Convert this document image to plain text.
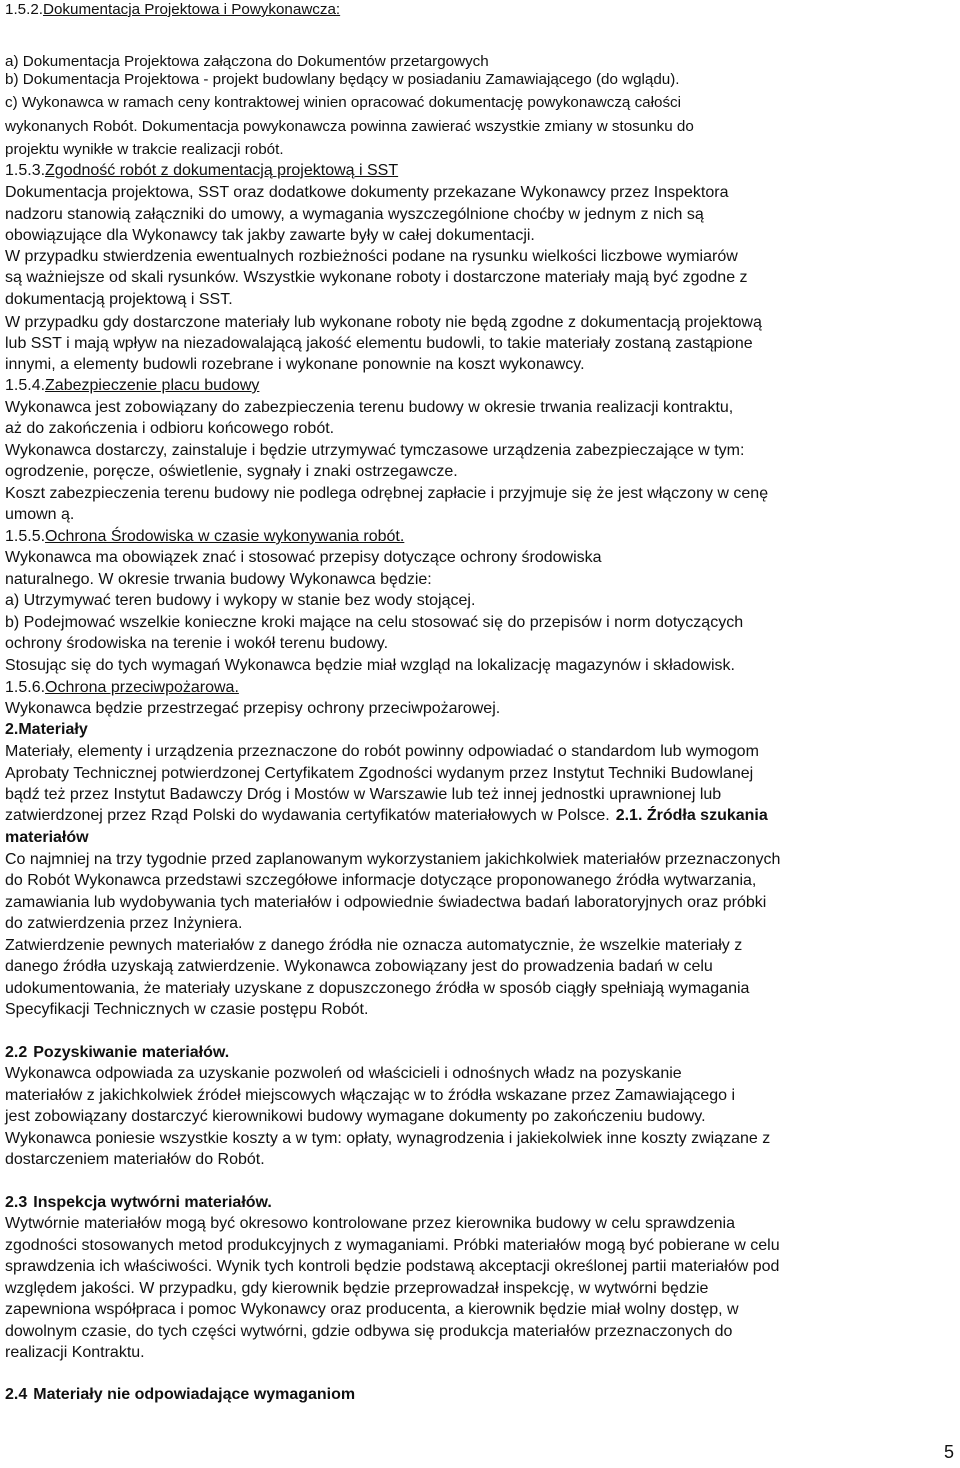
1.5.2.Dokumentacja Projektowa i Powykonawcza:
a) Dokumentacja Projektowa załączona do Dokumentów przetargowych
b) Dokumentacja Projektowa - projekt budowlany będący w posiadaniu Zamawiającego (do wglądu).
c) Wykonawca w ramach ceny kontraktowej winien opracować dokumentację powykonawczą całości
wykonanych Robót. Dokumentacja powykonawcza powinna zawierać wszystkie zmiany w stosunku do
projektu wynikłe w trakcie realizacji robót.
1.5.3.Zgodność robót z dokumentacją projektową i SST
Dokumentacja projektowa, SST oraz dodatkowe dokumenty przekazane Wykonawcy przez Inspektora
nadzoru stanowią załączniki do umowy, a wymagania wyszczególnione choćby w jednym z nich są
obowiązujące dla Wykonawcy tak jakby zawarte były w całej dokumentacji.
W przypadku stwierdzenia ewentualnych rozbieżności podane na rysunku wielkości liczbowe wymiarów
są ważniejsze od skali rysunków. Wszystkie wykonane roboty i dostarczone materiały mają być zgodne z
dokumentacją projektową i SST.
W przypadku gdy dostarczone materiały lub wykonane roboty nie będą zgodne z dokumentacją projektową
lub SST i mają wpływ na niezadowalającą jakość elementu budowli, to takie materiały zostaną zastąpione
innymi, a elementy budowli rozebrane i wykonane ponownie na koszt wykonawcy.
1.5.4.Zabezpieczenie placu budowy
Wykonawca jest zobowiązany do zabezpieczenia terenu budowy w okresie trwania realizacji kontraktu,
aż do zakończenia i odbioru końcowego robót.
Wykonawca dostarczy, zainstaluje i będzie utrzymywać tymczasowe urządzenia zabezpieczające w tym:
ogrodzenie, poręcze, oświetlenie, sygnały i znaki ostrzegawcze.
Koszt zabezpieczenia terenu budowy nie podlega odrębnej zapłacie i przyjmuje się że jest włączony w cenę
umown ą.
1.5.5.Ochrona Środowiska w czasie wykonywania robót.
Wykonawca ma obowiązek znać i stosować przepisy dotyczące ochrony środowiska
naturalnego. W okresie trwania budowy Wykonawca będzie:
a) Utrzymywać teren budowy i wykopy w stanie bez wody stojącej.
b) Podejmować wszelkie konieczne kroki mające na celu stosować się do przepisów i norm dotyczących
ochrony środowiska na terenie i wokół terenu budowy.
Stosując się do tych wymagań Wykonawca będzie miał wzgląd na lokalizację magazynów i składowisk.
1.5.6.Ochrona przeciwpożarowa.
Wykonawca będzie przestrzegać przepisy ochrony przeciwpożarowej.
2.Materiały
Materiały, elementy i urządzenia przeznaczone do robót powinny odpowiadać o standardom lub wymogom
Aprobaty Technicznej potwierdzonej Certyfikatem Zgodności wydanym przez Instytut Techniki Budowlanej
bądź też przez Instytut Badawczy Dróg i Mostów w Warszawie lub też innej jednostki uprawnionej lub
zatwierdzonej przez Rząd Polski do wydawania certyfikatów materiałowych w Polsce. 2.1. Źródła szukania
materiałów
Co najmniej na trzy tygodnie przed zaplanowanym wykorzystaniem jakichkolwiek materiałów przeznaczonych
do Robót Wykonawca przedstawi szczegółowe informacje dotyczące proponowanego źródła wytwarzania,
zamawiania lub wydobywania tych materiałów i odpowiednie świadectwa badań laboratoryjnych oraz próbki
do zatwierdzenia przez Inżyniera.
Zatwierdzenie pewnych materiałów z danego źródła nie oznacza automatycznie, że wszelkie materiały z
danego źródła uzyskają zatwierdzenie. Wykonawca zobowiązany jest do prowadzenia badań w celu
udokumentowania, że materiały uzyskane z dopuszczonego źródła w sposób ciągły spełniają wymagania
Specyfikacji Technicznych w czasie postępu Robót.
2.2 Pozyskiwanie materiałów.
Wykonawca odpowiada za uzyskanie pozwoleń od właścicieli i odnośnych władz na pozyskanie
materiałów z jakichkolwiek źródeł miejscowych włączając w to źródła wskazane przez Zamawiającego i
jest zobowiązany dostarczyć kierownikowi budowy wymagane dokumenty po zakończeniu budowy.
Wykonawca poniesie wszystkie koszty a w tym: opłaty, wynagrodzenia i jakiekolwiek inne koszty związane z
dostarczeniem materiałów do Robót.
2.3 Inspekcja wytwórni materiałów.
Wytwórnie materiałów mogą być okresowo kontrolowane przez kierownika budowy w celu sprawdzenia
zgodności stosowanych metod produkcyjnych z wymaganiami. Próbki materiałów mogą być pobierane w celu
sprawdzenia ich właściwości. Wynik tych kontroli będzie podstawą akceptacji określonej partii materiałów pod
względem jakości. W przypadku, gdy kierownik będzie przeprowadzał inspekcję, w wytwórni będzie
zapewniona współpraca i pomoc Wykonawcy oraz producenta, a kierownik będzie miał wolny dostęp, w
dowolnym czasie, do tych części wytwórni, gdzie odbywa się produkcja materiałów przeznaczonych do
realizacji Kontraktu.
2.4 Materiały nie odpowiadające wymaganiom
5
